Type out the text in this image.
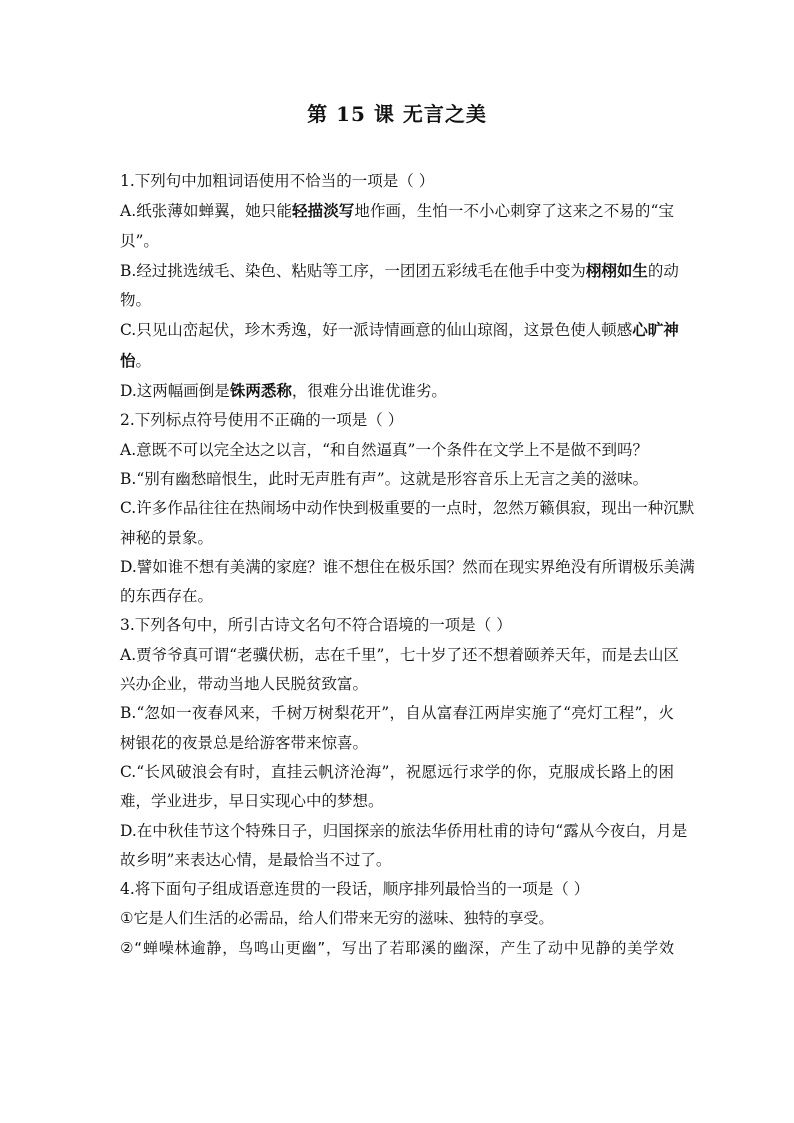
第 15 课 无言之美
1.下列句中加粗词语使用不恰当的一项是（ ）
A.纸张薄如蝉翼，她只能轻描淡写地作画，生怕一不小心刺穿了这来之不易的“宝
贝”。
B.经过挑选绒毛、染色、粘贴等工序，一团团五彩绒毛在他手中变为栩栩如生的动
物。
C.只见山峦起伏，珍木秀逸，好一派诗情画意的仙山琼阁，这景色使人顿感心旷神
怡。
D.这两幅画倒是铢两悉称，很难分出谁优谁劣。
2.下列标点符号使用不正确的一项是（ ）
A.意既不可以完全达之以言，“和自然逼真”一个条件在文学上不是做不到吗？
B.“别有幽愁暗恨生，此时无声胜有声”。这就是形容音乐上无言之美的滋味。
C.许多作品往往在热闹场中动作快到极重要的一点时，忽然万籁俱寂，现出一种沉默
神秘的景象。
D.譬如谁不想有美满的家庭？谁不想住在极乐国？然而在现实界绝没有所谓极乐美满
的东西存在。
3.下列各句中，所引古诗文名句不符合语境的一项是（ ）
A.贾爷爷真可谓“老骥伏枥，志在千里”，七十岁了还不想着颐养天年，而是去山区
兴办企业，带动当地人民脱贫致富。
B.“忽如一夜春风来，千树万树梨花开”，自从富春江两岸实施了“亮灯工程”，火
树银花的夜景总是给游客带来惊喜。
C.“长风破浪会有时，直挂云帆济沧海”，祝愿远行求学的你，克服成长路上的困
难，学业进步，早日实现心中的梦想。
D.在中秋佳节这个特殊日子，归国探亲的旅法华侨用杜甫的诗句“露从今夜白，月是
故乡明”来表达心情，是最恰当不过了。
4.将下面句子组成语意连贯的一段话，顺序排列最恰当的一项是（ ）
①它是人们生活的必需品，给人们带来无穷的滋味、独特的享受。
②“蝉噪林逾静，鸟鸣山更幽”，写出了若耶溪的幽深，产生了动中见静的美学效
